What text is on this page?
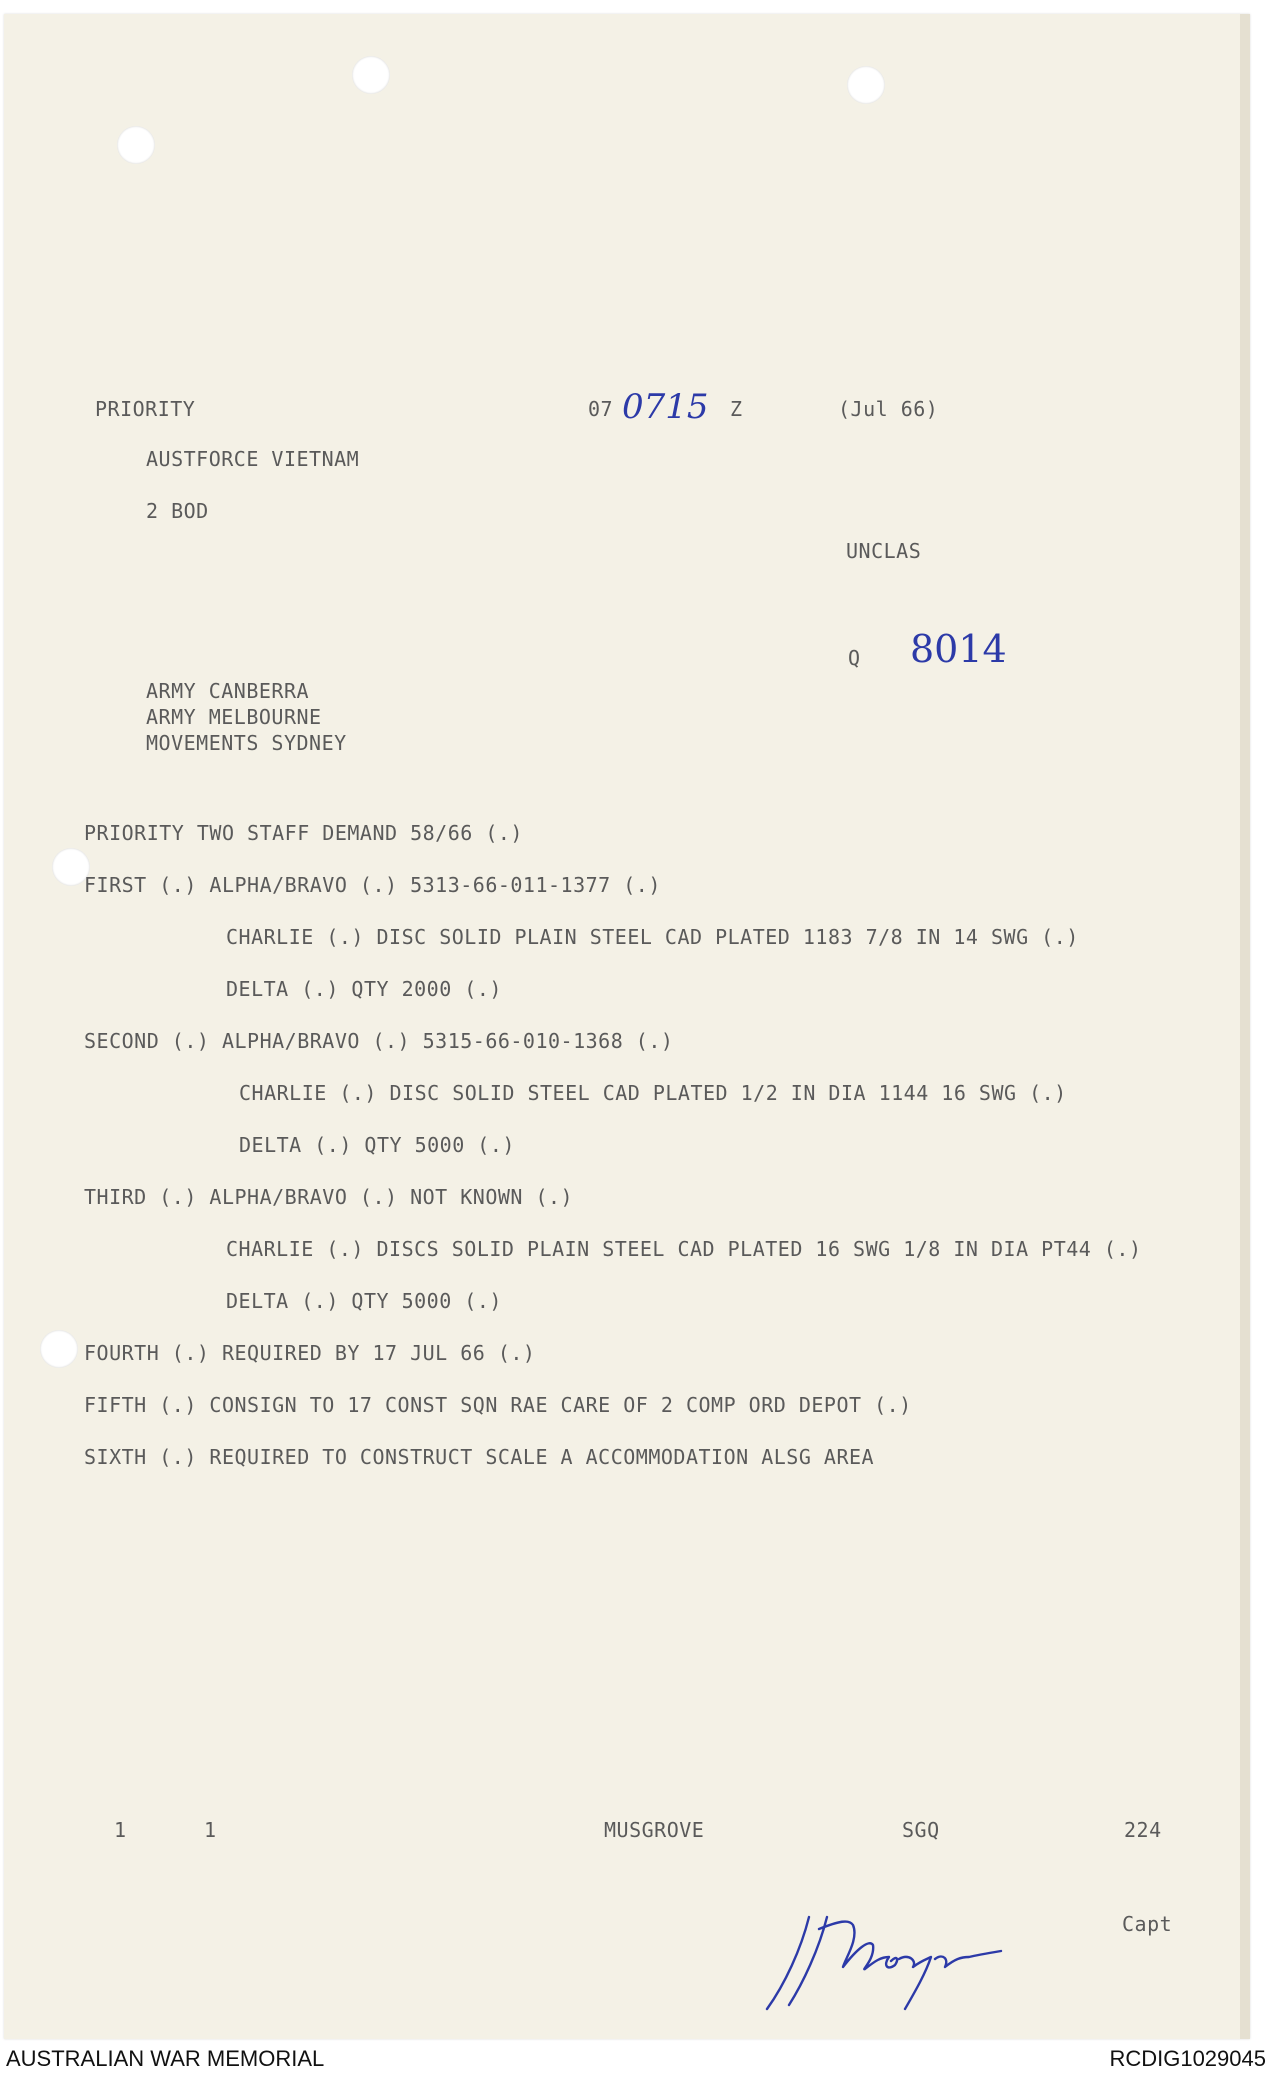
PRIORITY	07 0715 Z	(Jul 66)
AUSTFORCE VIETNAM
2 BOD
UNCLAS
Q 8014
ARMY CANBERRA
ARMY MELBOURNE
MOVEMENTS SYDNEY
PRIORITY TWO STAFF DEMAND 58/66 (.)
FIRST (.) ALPHA/BRAVO (.) 5313-66-011-1377 (.)
CHARLIE (.) DISC SOLID PLAIN STEEL CAD PLATED 1183 7/8 IN 14 SWG (.)
DELTA (.) QTY 2000 (.)
SECOND (.) ALPHA/BRAVO (.) 5315-66-010-1368 (.)
CHARLIE (.) DISC SOLID STEEL CAD PLATED 1/2 IN DIA 1144 16 SWG (.)
DELTA (.) QTY 5000 (.)
THIRD (.) ALPHA/BRAVO (.) NOT KNOWN (.)
CHARLIE (.) DISCS SOLID PLAIN STEEL CAD PLATED 16 SWG 1/8 IN DIA PT44 (.)
DELTA (.) QTY 5000 (.)
FOURTH (.) REQUIRED BY 17 JUL 66 (.)
FIFTH (.) CONSIGN TO 17 CONST SQN RAE CARE OF 2 COMP ORD DEPOT (.)
SIXTH (.) REQUIRED TO CONSTRUCT SCALE A ACCOMMODATION ALSG AREA
1	1	MUSGROVE	SGQ	224
Capt
AUSTRALIAN WAR MEMORIAL	RCDIG1029045
